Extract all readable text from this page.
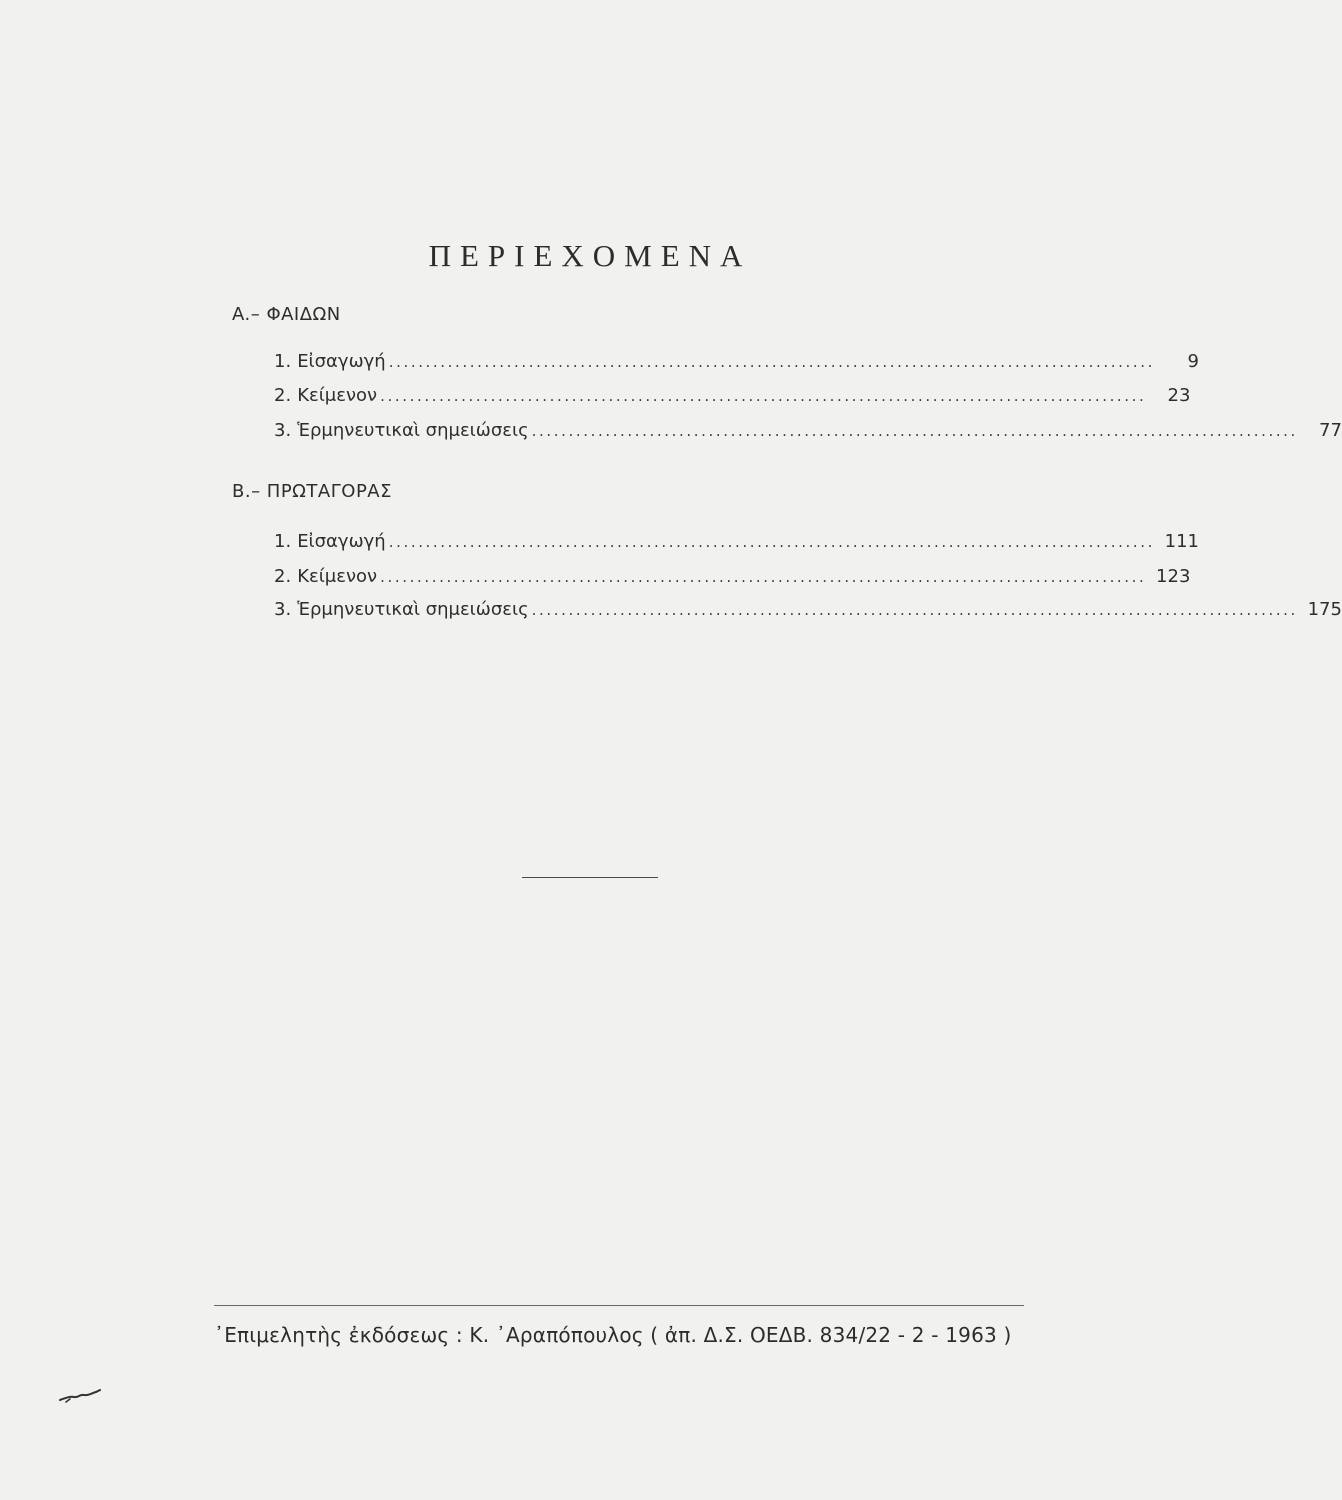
ΠΕΡΙΕΧΟΜΕΝΑ
A.– ΦΑΙΔΩΝ
1. Εἰσαγωγή ........................................................................................................	9
2. Κείμενον ........................................................................................................	23
3. Ἑρμηνευτικαὶ σημειώσεις ........................................................................................................	77
B.– ΠΡΩΤΑΓΟΡΑΣ
1. Εἰσαγωγή ........................................................................................................ 111
2. Κείμενον ........................................................................................................ 123
3. Ἑρμηνευτικαὶ σημειώσεις ........................................................................................................ 175
᾿Επιμελητὴς ἐκδόσεως : Κ. ᾿Αραπόπουλος ( ἀπ. Δ.Σ. ΟΕΔΒ. 834/22 - 2 - 1963 )
